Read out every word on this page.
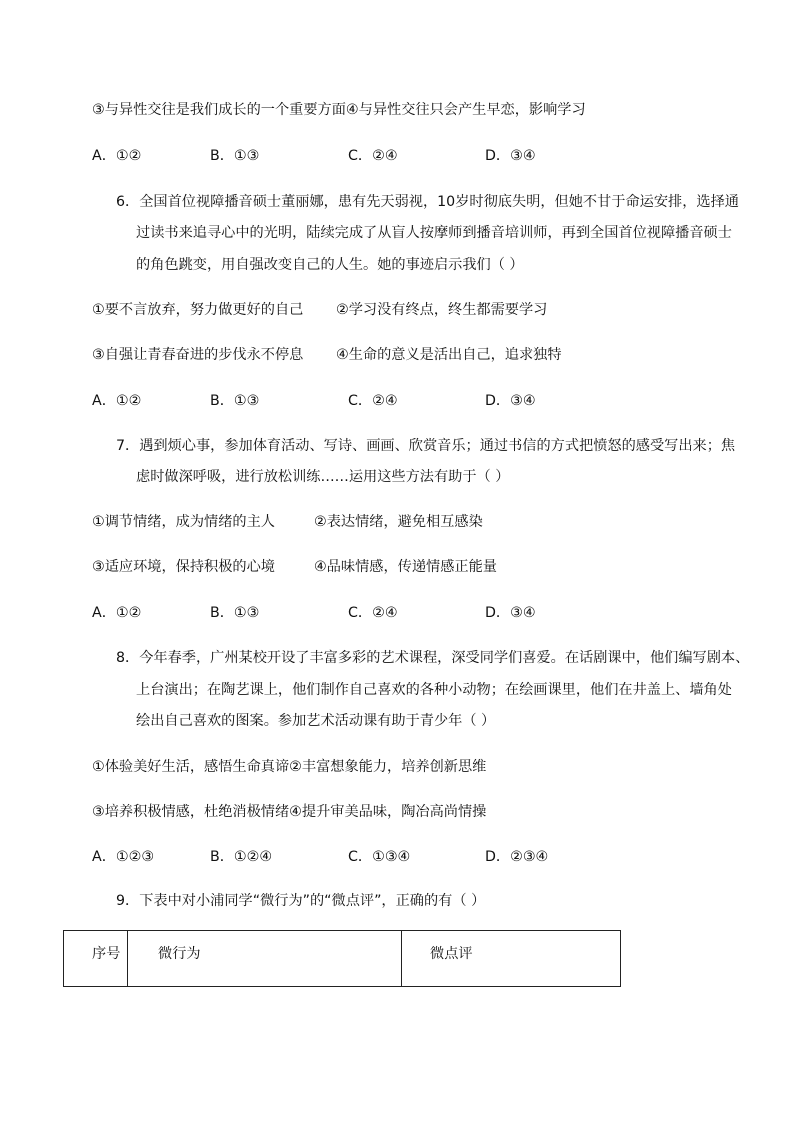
③与异性交往是我们成长的一个重要方面④与异性交往只会产生早恋，影响学习
A．①②	B．①③	C．②④	D．③④
6．全国首位视障播音硕士董丽娜，患有先天弱视，10岁时彻底失明，但她不甘于命运安排，选择通
过读书来追寻心中的光明，陆续完成了从盲人按摩师到播音培训师，再到全国首位视障播音硕士
的角色跳变，用自强改变自己的人生。她的事迹启示我们（ ）
①要不言放弃，努力做更好的自己 ②学习没有终点，终生都需要学习
③自强让青春奋进的步伐永不停息 ④生命的意义是活出自己，追求独特
A．①②	B．①③	C．②④	D．③④
7．遇到烦心事，参加体育活动、写诗、画画、欣赏音乐；通过书信的方式把愤怒的感受写出来；焦
虑时做深呼吸，进行放松训练……运用这些方法有助于（ ）
①调节情绪，成为情绪的主人	②表达情绪，避免相互感染
③适应环境，保持积极的心境	④品味情感，传递情感正能量
A．①②	B．①③	C．②④	D．③④
8．今年春季，广州某校开设了丰富多彩的艺术课程，深受同学们喜爱。在话剧课中，他们编写剧本、
上台演出；在陶艺课上，他们制作自己喜欢的各种小动物；在绘画课里，他们在井盖上、墙角处
绘出自己喜欢的图案。参加艺术活动课有助于青少年（ ）
①体验美好生活，感悟生命真谛②丰富想象能力，培养创新思维
③培养积极情感，杜绝消极情绪④提升审美品味，陶冶高尚情操
A．①②③	B．①②④	C．①③④	D．②③④
9．下表中对小浦同学“微行为”的“微点评”，正确的有（ ）
序号	微行为	微点评
